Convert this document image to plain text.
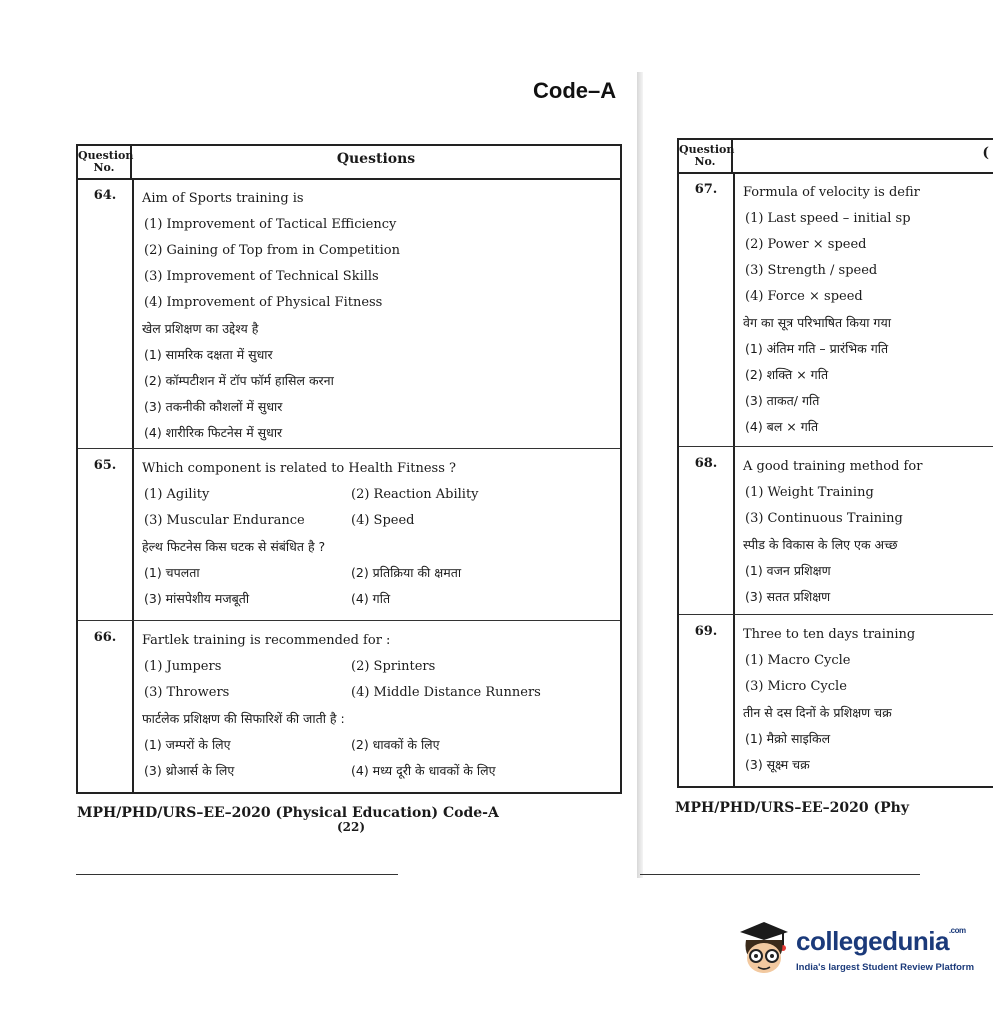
Code–A
Question No.
Questions
64.	Aim of Sports training is
(1) Improvement of Tactical Efficiency
(2) Gaining of Top from in Competition
(3) Improvement of Technical Skills
(4) Improvement of Physical Fitness
खेल प्रशिक्षण का उद्देश्य है
(1) सामरिक दक्षता में सुधार
(2) कॉम्पटीशन में टॉप फॉर्म हासिल करना
(3) तकनीकी कौशलों में सुधार
(4) शारीरिक फिटनेस में सुधार
65.	Which component is related to Health Fitness ?
(1) Agility	(2) Reaction Ability
(3) Muscular Endurance	(4) Speed
हेल्थ फिटनेस किस घटक से संबंधित है ?
(1) चपलता	(2) प्रतिक्रिया की क्षमता
(3) मांसपेशीय मजबूती	(4) गति
66.	Fartlek training is recommended for :
(1) Jumpers	(2) Sprinters
(3) Throwers	(4) Middle Distance Runners
फार्टलेक प्रशिक्षण की सिफारिशें की जाती है :
(1) जम्परों के लिए	(2) धावकों के लिए
(3) थ्रोआर्स के लिए	(4) मध्य दूरी के धावकों के लिए
MPH/PHD/URS–EE–2020 (Physical Education) Code-A
(22)
Question No.
(
67.	Formula of velocity is defir
(1) Last speed – initial sp
(2) Power × speed
(3) Strength / speed
(4) Force × speed
वेग का सूत्र परिभाषित किया गया
(1) अंतिम गति – प्रारंभिक गति
(2) शक्ति × गति
(3) ताकत/ गति
(4) बल × गति
68.	A good training method for
(1) Weight Training
(3) Continuous Training
स्पीड के विकास के लिए एक अच्छ
(1) वजन प्रशिक्षण
(3) सतत प्रशिक्षण
69.	Three to ten days training
(1) Macro Cycle
(3) Micro Cycle
तीन से दस दिनों के प्रशिक्षण चक्र
(1) मैक्रो साइकिल
(3) सूक्ष्म चक्र
MPH/PHD/URS–EE–2020 (Phy
collegedunia$^{.com}$
India's largest Student Review Platform
